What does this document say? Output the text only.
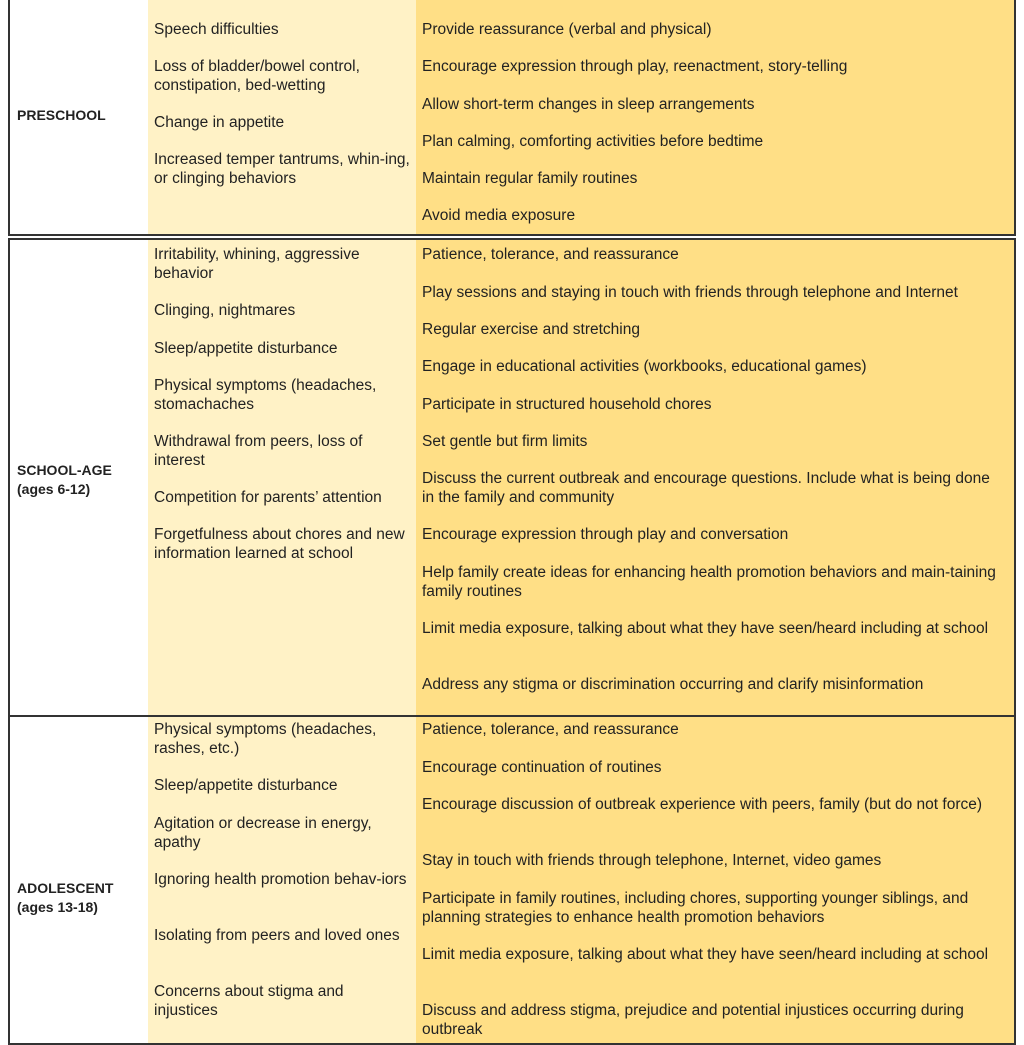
PRESCHOOL
Speech difficulties
Loss of bladder/bowel control, constipation, bed-wetting
Change in appetite
Increased temper tantrums, whin-ing, or clinging behaviors
Provide reassurance (verbal and physical)
Encourage expression through play, reenactment, story-telling
Allow short-term changes in sleep arrangements
Plan calming, comforting activities before bedtime
Maintain regular family routines
Avoid media exposure
SCHOOL-AGE
(ages 6-12)
Irritability, whining, aggressive behavior
Clinging, nightmares
Sleep/appetite disturbance
Physical symptoms (headaches, stomachaches
Withdrawal from peers, loss of interest
Competition for parents’ attention
Forgetfulness about chores and new information learned at school
Patience, tolerance, and reassurance
Play sessions and staying in touch with friends through telephone and Internet
Regular exercise and stretching
Engage in educational activities (workbooks, educational games)
Participate in structured household chores
Set gentle but firm limits
Discuss the current outbreak and encourage questions. Include what is being done in the family and community
Encourage expression through play and conversation
Help family create ideas for enhancing health promotion behaviors and main-taining family routines
Limit media exposure, talking about what they have seen/heard including at school
Address any stigma or discrimination occurring and clarify misinformation
ADOLESCENT
(ages 13-18)
Physical symptoms (headaches, rashes, etc.)
Sleep/appetite disturbance
Agitation or decrease in energy, apathy
Ignoring health promotion behav-iors
Isolating from peers and loved ones
Concerns about stigma and injustices
Patience, tolerance, and reassurance
Encourage continuation of routines
Encourage discussion of outbreak experience with peers, family (but do not force)
Stay in touch with friends through telephone, Internet, video games
Participate in family routines, including chores, supporting younger siblings, and planning strategies to enhance health promotion behaviors
Limit media exposure, talking about what they have seen/heard including at school
Discuss and address stigma, prejudice and potential injustices occurring during outbreak
